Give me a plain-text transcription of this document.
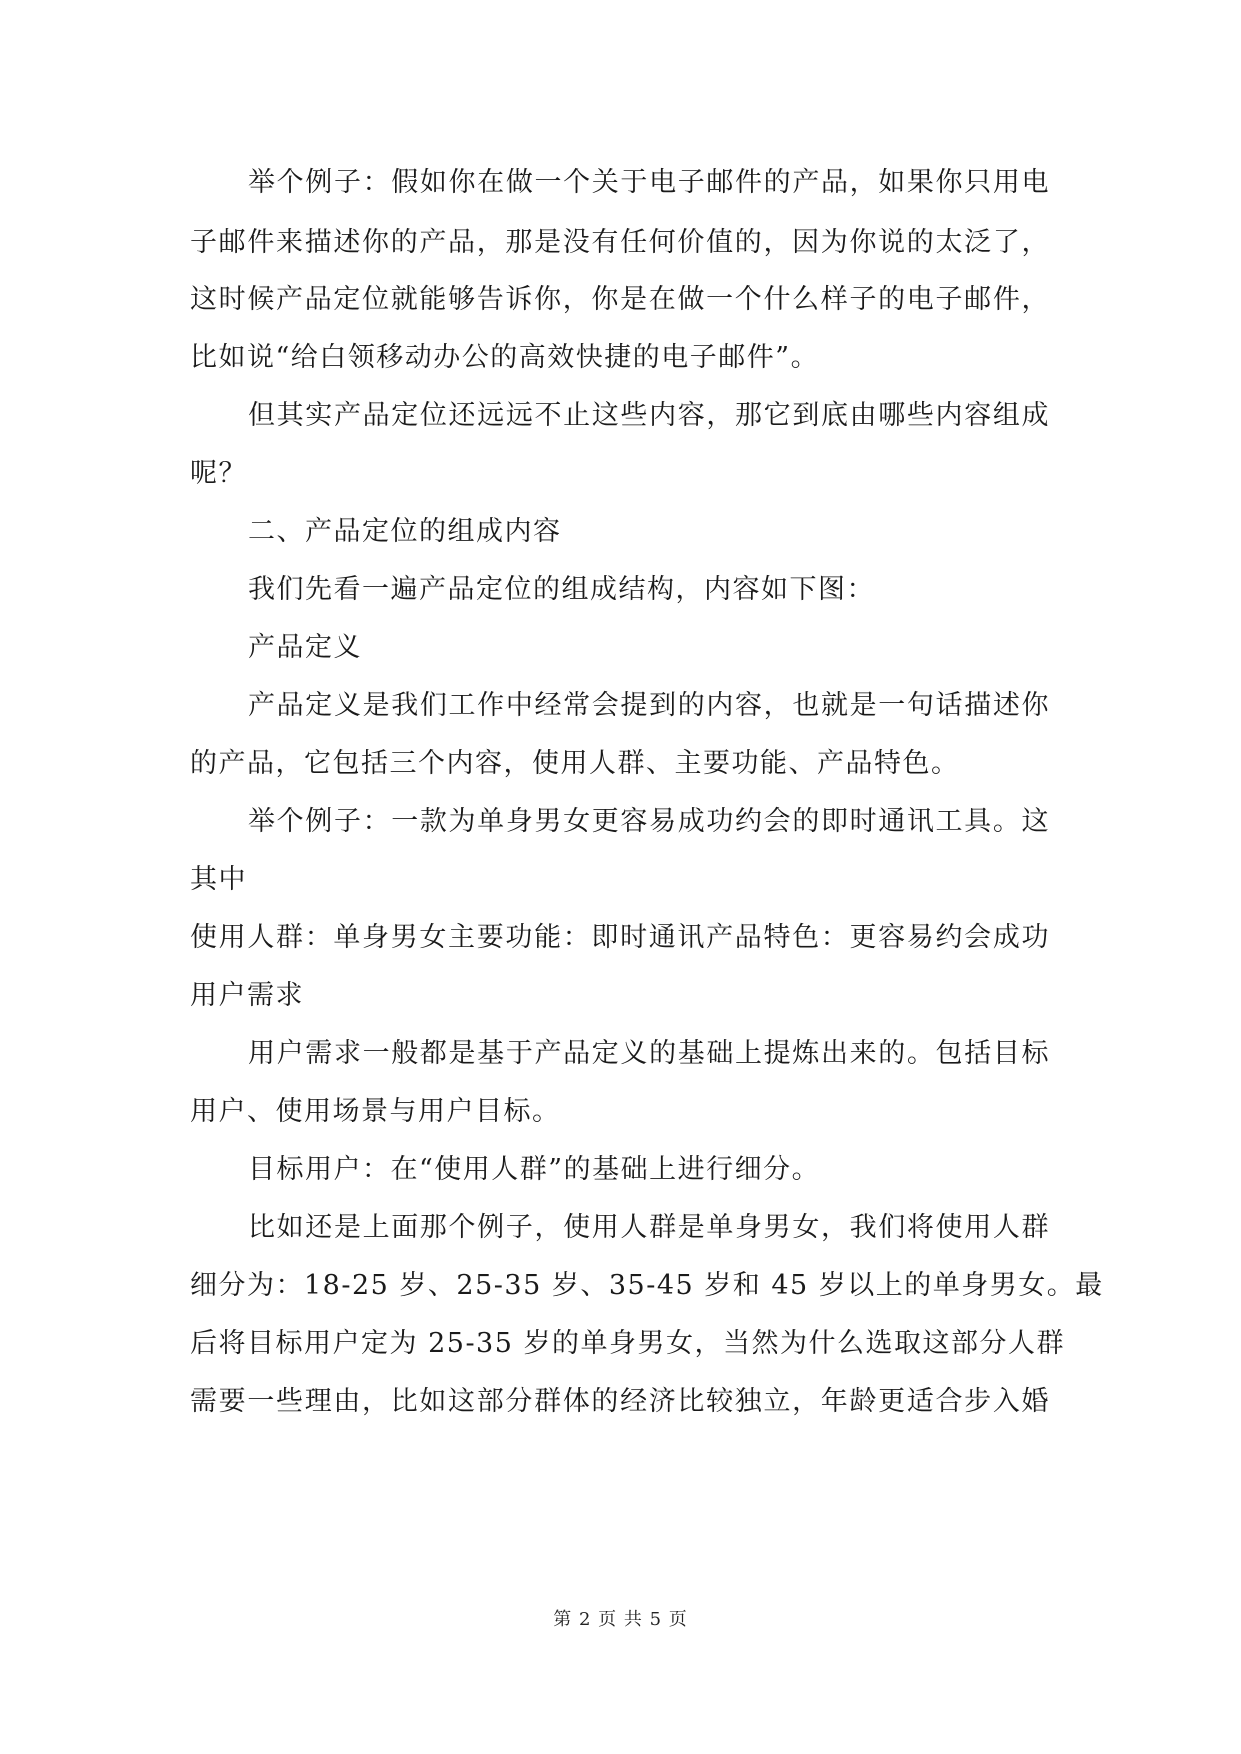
举个例子：假如你在做一个关于电子邮件的产品，如果你只用电
子邮件来描述你的产品，那是没有任何价值的，因为你说的太泛了，
这时候产品定位就能够告诉你，你是在做一个什么样子的电子邮件，
比如说“给白领移动办公的高效快捷的电子邮件”。
但其实产品定位还远远不止这些内容，那它到底由哪些内容组成
呢？
二、产品定位的组成内容
我们先看一遍产品定位的组成结构，内容如下图：
产品定义
产品定义是我们工作中经常会提到的内容，也就是一句话描述你
的产品，它包括三个内容，使用人群、主要功能、产品特色。
举个例子：一款为单身男女更容易成功约会的即时通讯工具。这
其中
使用人群：单身男女主要功能：即时通讯产品特色：更容易约会成功
用户需求
用户需求一般都是基于产品定义的基础上提炼出来的。包括目标
用户、使用场景与用户目标。
目标用户：在“使用人群”的基础上进行细分。
比如还是上面那个例子，使用人群是单身男女，我们将使用人群
细分为：18-25 岁、25-35 岁、35-45 岁和 45 岁以上的单身男女。最
后将目标用户定为 25-35 岁的单身男女，当然为什么选取这部分人群
需要一些理由，比如这部分群体的经济比较独立，年龄更适合步入婚
第 2 页 共 5 页
